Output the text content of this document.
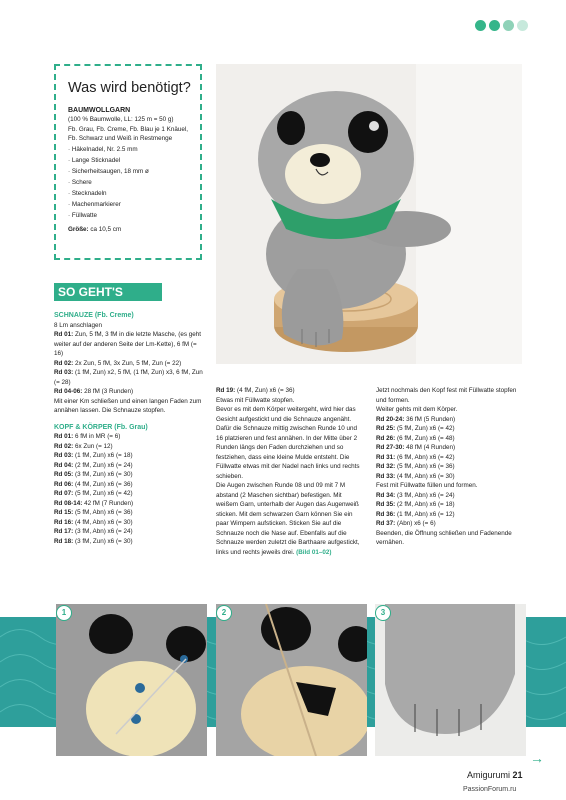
Was wird benötigt?
BAUMWOLLGARN
(100 % Baumwolle, LL: 125 m = 50 g)
Fb. Grau, Fb. Creme, Fb. Blau je 1 Knäuel,
Fb. Schwarz und Weiß in Restmenge
· Häkelnadel, Nr. 2.5 mm
· Lange Sticknadel
· Sicherheitsaugen, 18 mm ø
· Schere
· Stecknadeln
· Machenmarkierer
· Füllwatte
Größe: ca 10,5 cm
SO GEHT'S

SCHNAUZE (Fb. Creme)

8 Lm anschlagen

Rd 01: Zun, 5 fM, 3 fM in die letzte Masche, (es geht weiter auf der anderen Seite der Lm-Kette), 6 fM (= 16)

Rd 02: 2x Zun, 5 fM, 3x Zun, 5 fM, Zun (= 22)

Rd 03: (1 fM, Zun) x2, 5 fM, (1 fM, Zun) x3, 6 fM, Zun (= 28)

Rd 04-06: 28 fM (3 Runden)

Mit einer Km schließen und einen langen Faden zum annähen lassen. Die Schnauze stopfen.

KOPF & KÖRPER (Fb. Grau)

Rd 01: 6 fM in MR (= 6)

Rd 02: 6x Zun (= 12)

Rd 03: (1 fM, Zun) x6 (= 18)

Rd 04: (2 fM, Zun) x6 (= 24)

Rd 05: (3 fM, Zun) x6 (= 30)

Rd 06: (4 fM, Zun) x6 (= 36)

Rd 07: (5 fM, Zun) x6 (= 42)

Rd 08-14: 42 fM (7 Runden)

Rd 15: (5 fM, Abn) x6 (= 36)

Rd 16: (4 fM, Abn) x6 (= 30)

Rd 17: (3 fM, Abn) x6 (= 24)

Rd 18: (3 fM, Zun) x6 (= 30)

Rd 19: (4 fM, Zun) x6 (= 36)

Etwas mit Füllwatte stopfen.

Bevor es mit dem Körper weitergeht, wird hier das Gesicht aufgestickt und die Schnauze angenäht. Dafür die Schnauze mittig zwischen Runde 10 und 16 platzieren und fest annähen. In der Mitte über 2 Runden längs den Faden durchziehen und so festziehen, dass eine kleine Mulde entsteht. Die Füllwatte etwas mit der Nadel nach links und rechts schieben.

Die Augen zwischen Runde 08 und 09 mit 7 M abstand (2 Maschen sichtbar) befestigen. Mit weißem Garn, unterhalb der Augen das Augenweiß sticken. Mit dem schwarzen Garn können Sie ein paar Wimpern aufsticken. Sticken Sie auf die Schnauze noch die Nase auf. Ebenfalls auf die Schnauze werden zuletzt die Barthaare aufgestickt, links und rechts jeweils drei. (Bild 01–02)

Jetzt nochmals den Kopf fest mit Füllwatte stopfen und formen.

Weiter gehts mit dem Körper.

Rd 20-24: 36 fM (5 Runden)

Rd 25: (5 fM, Zun) x6 (= 42)

Rd 26: (6 fM, Zun) x6 (= 48)

Rd 27-30: 48 fM (4 Runden)

Rd 31: (6 fM, Abn) x6 (= 42)

Rd 32: (5 fM, Abn) x6 (= 36)

Rd 33: (4 fM, Abn) x6 (= 30)

Fest mit Füllwatte füllen und formen.

Rd 34: (3 fM, Abn) x6 (= 24)

Rd 35: (2 fM, Abn) x6 (= 18)

Rd 36: (1 fM, Abn) x6 (= 12)

Rd 37: (Abn) x6 (= 6)

Beenden, die Öffnung schließen und Fadenende vernähen.

1	2	3
→
Amigurumi 21
PassionForum.ru
